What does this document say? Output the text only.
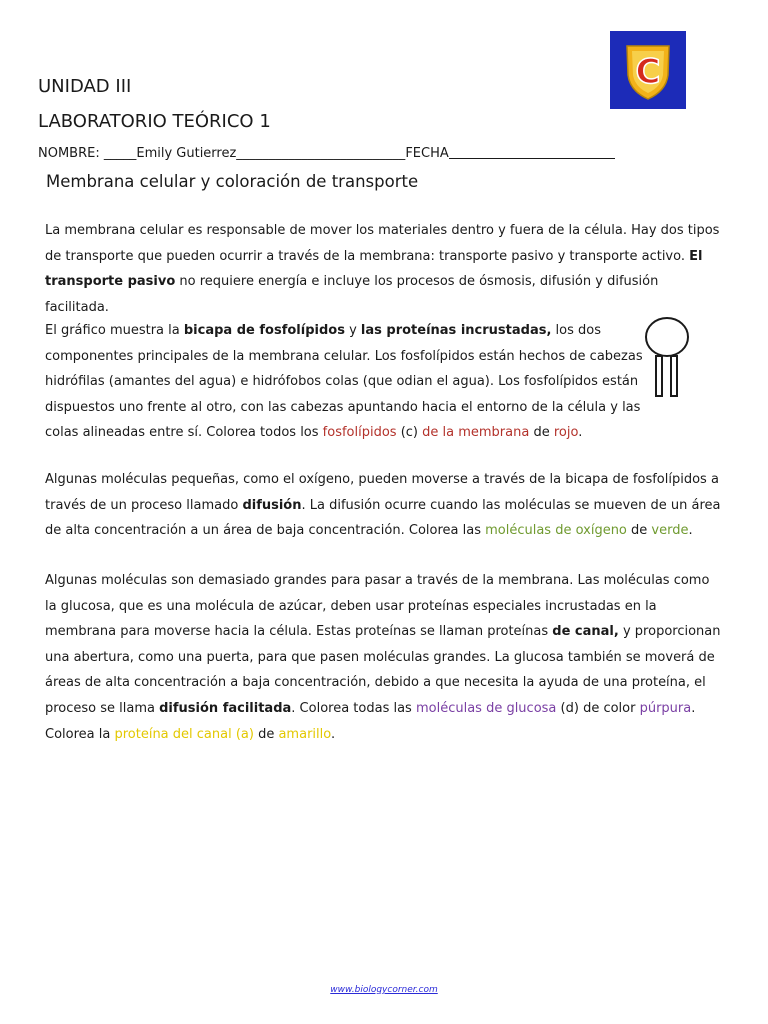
C
UNIDAD III
LABORATORIO TEÓRICO 1
NOMBRE: _____Emily Gutierrez__________________________FECHA
Membrana celular y coloración de transporte

La membrana celular es responsable de mover los materiales dentro y fuera de la célula. Hay dos tipos de transporte que pueden ocurrir a través de la membrana: transporte pasivo y transporte activo. El transporte pasivo no requiere energía e incluye los procesos de ósmosis, difusión y difusión facilitada.

El gráfico muestra la bicapa de fosfolípidos y las proteínas incrustadas, los dos componentes principales de la membrana celular. Los fosfolípidos están hechos de cabezas hidrófilas (amantes del agua) e hidrófobos colas (que odian el agua). Los fosfolípidos están dispuestos uno frente al otro, con las cabezas apuntando hacia el entorno de la célula y las colas alineadas entre sí. Colorea todos los fosfolípidos (c) de la membrana de rojo.

Algunas moléculas pequeñas, como el oxígeno, pueden moverse a través de la bicapa de fosfolípidos a través de un proceso llamado difusión. La difusión ocurre cuando las moléculas se mueven de un área de alta concentración a un área de baja concentración. Colorea las moléculas de oxígeno de verde.

Algunas moléculas son demasiado grandes para pasar a través de la membrana. Las moléculas como la glucosa, que es una molécula de azúcar, deben usar proteínas especiales incrustadas en la membrana para moverse hacia la célula. Estas proteínas se llaman proteínas de canal, y proporcionan una abertura, como una puerta, para que pasen moléculas grandes. La glucosa también se moverá de áreas de alta concentración a baja concentración, debido a que necesita la ayuda de una proteína, el proceso se llama difusión facilitada. Colorea todas las moléculas de glucosa (d) de color púrpura. Colorea la proteína del canal (a) de amarillo.

www.biologycorner.com
